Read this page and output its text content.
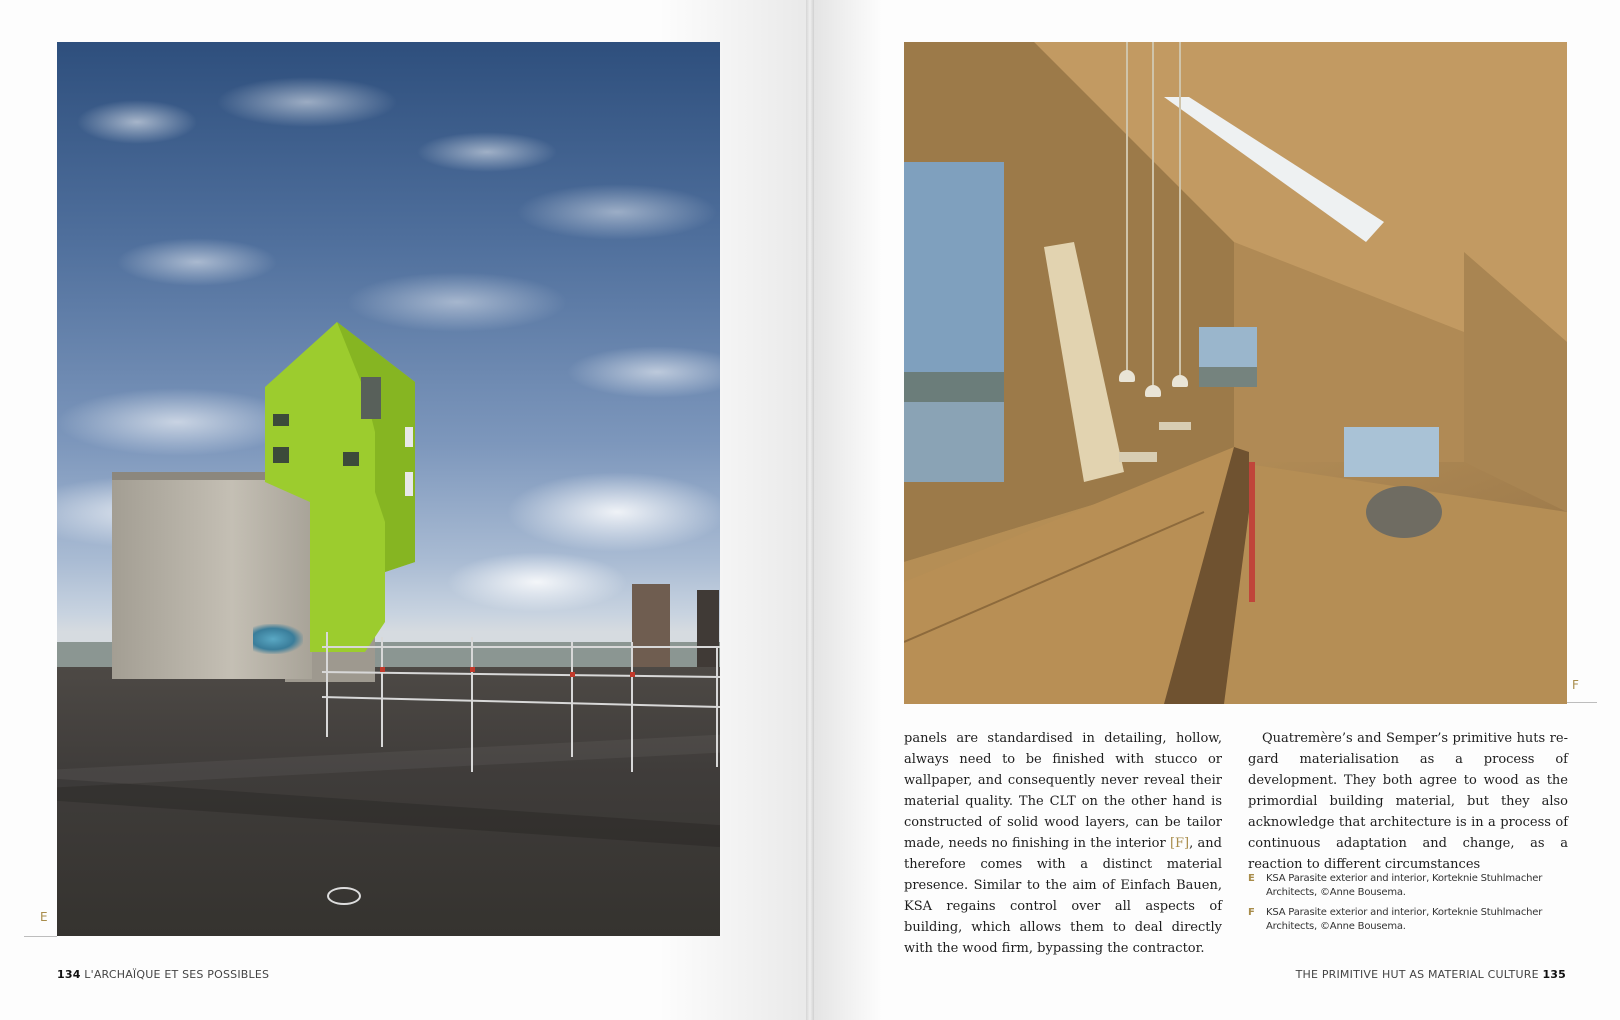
E
F

panels are standardised in detailing, hollow, always need to be finished with stucco or wallpaper, and consequently never reveal their material quality. The CLT on the other hand is constructed of solid wood layers, can be tailor made, needs no finishing in the interior [F], and therefore comes with a distinct material presence. Similar to the aim of Einfach Bauen, KSA regains control over all aspects of building, which allows them to deal directly with the wood firm, bypassing the contractor.

Quatremère’s and Semper’s primitive huts regard materialisation as a process of development. They both agree to wood as the primordial building material, but they also acknowledge that architecture is in a process of continuous adaptation and change, as a reaction to different circumstances

E KSA Parasite exterior and interior, Korteknie Stuhlmacher Architects, ©Anne Bousema.
F KSA Parasite exterior and interior, Korteknie Stuhlmacher Architects, ©Anne Bousema.
134 L'ARCHAÏQUE ET SES POSSIBLES	THE PRIMITIVE HUT AS MATERIAL CULTURE 135
